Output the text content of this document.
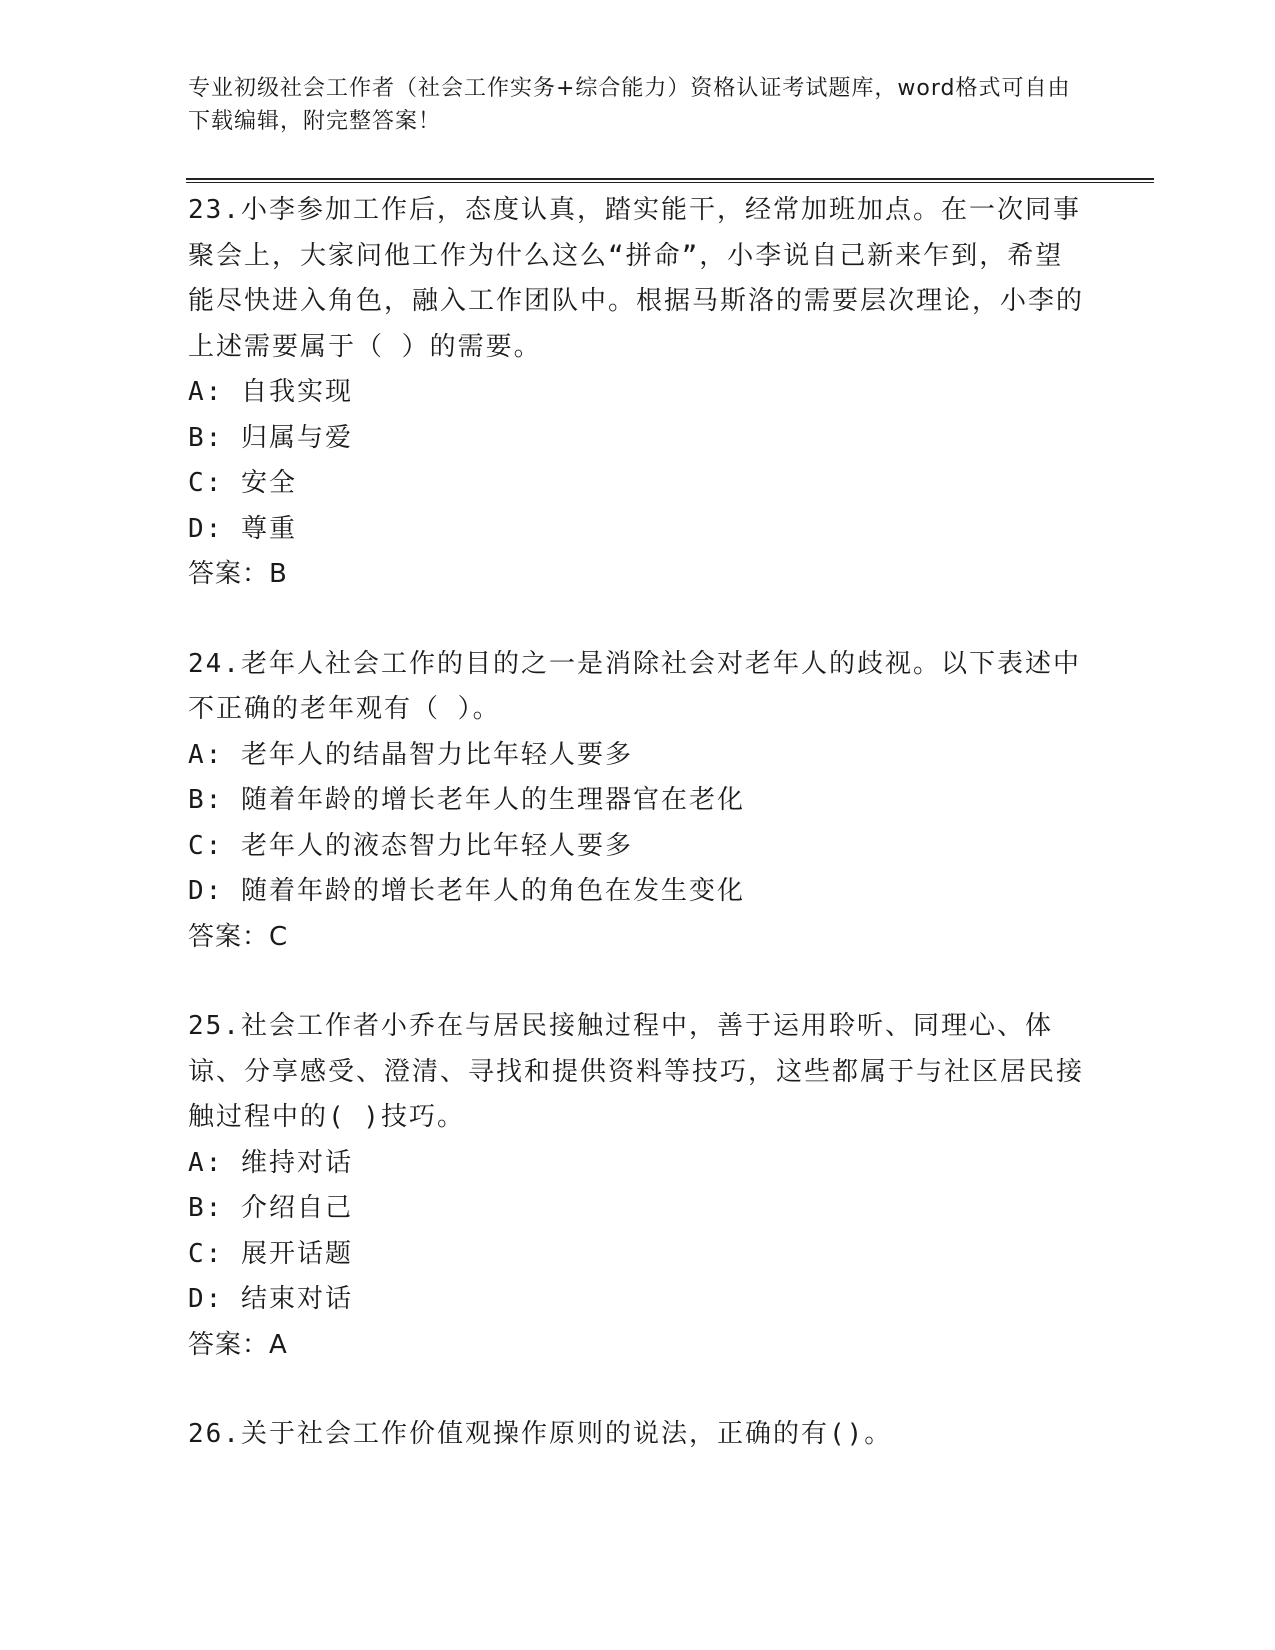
专业初级社会工作者（社会工作实务+综合能力）资格认证考试题库，word格式可自由下载编辑，附完整答案！

23.小李参加工作后，态度认真，踏实能干，经常加班加点。在一次同事聚会上，大家问他工作为什么这么“拼命”，小李说自己新来乍到，希望能尽快进入角色，融入工作团队中。根据马斯洛的需要层次理论，小李的上述需要属于（ ）的需要。

A: 自我实现

B: 归属与爱

C: 安全

D: 尊重

答案：B

24.老年人社会工作的目的之一是消除社会对老年人的歧视。以下表述中不正确的老年观有（ ）。

A: 老年人的结晶智力比年轻人要多

B: 随着年龄的增长老年人的生理器官在老化

C: 老年人的液态智力比年轻人要多

D: 随着年龄的增长老年人的角色在发生变化

答案：C

25.社会工作者小乔在与居民接触过程中，善于运用聆听、同理心、体谅、分享感受、澄清、寻找和提供资料等技巧，这些都属于与社区居民接触过程中的( )技巧。

A: 维持对话

B: 介绍自己

C: 展开话题

D: 结束对话

答案：A

26.关于社会工作价值观操作原则的说法，正确的有()。
